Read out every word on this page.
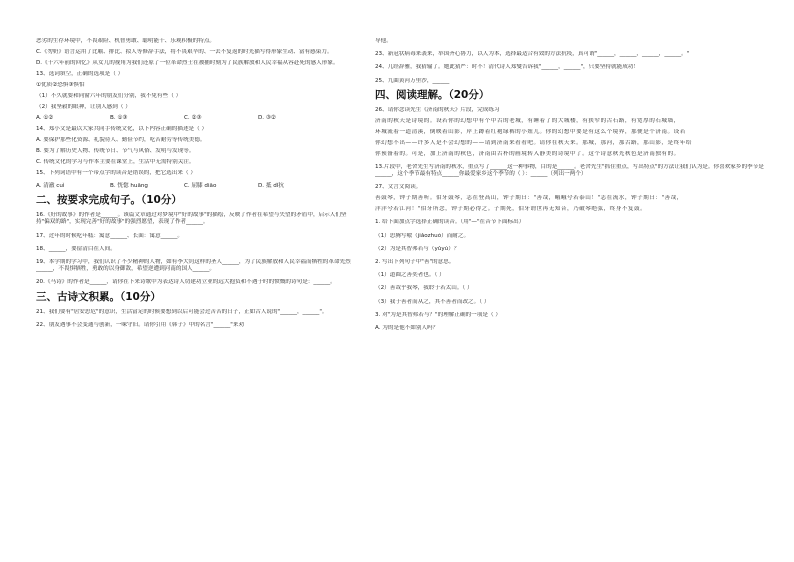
恶劣的生存环境中，不畏艰险、机智勇敢、聪明能干、乐观积极的特点。
C.《勿奶》语言运用了比喻、排比、拟人等修辞手法，将不畏艰辛的、一去不复返的时光描写得形象生动、富有感染力。
D.《十六年前的回忆》从女儿的视角为我们还原了一位革命烈士在被捕时刻为了民族解放和人民幸福从容赴死的感人形象。
13、选词填空，正确的选项是（ ）
①优质②恐惧③惧怕
（1）不久就要和同窗六年的朋友们分别，我不免有些（ ）
（2）我坚毅的眼神，让别人感到（ ）
A. ①②	B. ①③	C. ②③	D. ③②
14、郑小文是最以大家共同手传统文化，以下内容正确的描述是（ ）
A. 要保护那些化资源、礼貌待人、勤俭节约，吃苦耐劳等传统美德。
B. 要为了解历史人物、传统节日、节气与风俗、发明与发现等。
C. 传统文化的学习与作本主要在课堂上，生活中无需特别关注。
15、下列词语中有一个带点字的读音是错误的，把它选出来（ ）
A. 清澈 cuì	B. 恍惚 huāng	C. 屈膝 diāo	D. 抵 dǐ抗
二、按要求完成句子。（10分）
16.《好的故事》的作者是______。该篇文章通过对梦境中"好的故事"的描绘，反映了作者在希望与失望的矛盾中，启示人们坚持"偏双的路"，实现完善"好的故事"的强烈愿望，表现了作者______。
17、过年的时候吃年糕：寓意______、长面：寓意______。
18、______，要留清白在人间。
19、本学期的学习中，我们认识了不少精神的人物，如有李大钊这样的圣人______，为了民族解放和人民幸福而牺牲的革命先烈______，不畏惧牺牲，勇敢的以身御敌，希望逆遭到河南的国人______。
20.《马诗》的作者是______，请你在下来诗歌中为表达诗人切建功立业的远大抱负和不遇于时的愤慨的诗句是：______。
三、古诗文积累。（10分）
21、我们要有"居安思危"的意识，生活富足的时候要想到以后可能会过苦苦的日子，正如古人说的"______，______"。
22、朋友遇事不会变通与创新，一味守旧。请你引用《韩子》中的名言"______"来劝
导他。
23、新冠状病毒来袭来，举国齐心协力，以人为本，选择最适合有效的方法抗疫，真可谓"______，______，______，______。"
24、几经辞雅，我猜输了。她此猜严：时不！清代诗人郑燮告诉我"______，______"，只要坚持就能成功！
25、九曲黄河万里沙，______
四、阅读理解。（20分）
26、请你念读先生《济南的秋天》片段，完成练习
济南的秋天是诗境的。设若你的幻想中有个中古的老城，有睡着了的大城楼，有狭窄的古石路，有宽厚的石城墙，
环城流着一道清溪，倒映着山影，岸上蹲着红袍绿裤的小妞儿。你的幻想中要是有这么个境界，那便是个济南。设若
你幻想不出——许多人是不会幻想的——请到济南来看看吧。请你在秋天来。那城，那河，那古路，那山影，是终年给
你预备着的。可是，加上济南的秋色，济南由古朴的画境转入静美的诗境中了。这个诗意秋光秋色是济南独有的。
13.片段中，老舍先生写济南的秋水，重点写了______这一种事物，目的是______。老舍先生"抓住重点，写出特点"的方法让我们认为是。你喜欢家乡的季节是______，这个季节最有特点______你最爱家乡这个季节的（ ）：______（列出一两个）
27、文言文阅读。
善鼓琴，钟子期善听。伯牙鼓琴，志在登高山，钟子期曰："善哉，峨峨兮若泰山！"志在流水，钟子期曰："善哉，
洋洋兮若江河！"伯牙所念，钟子期必得之。子期死，伯牙谓世再无知音，乃破琴绝弦，终身不复鼓。
1. 给下面加点字选择正确的读音。（用"—"在音节下面标出）
（1）思腾写嗷（jiǎozhuó）而耐之。
（2）为是其智弗若与（yǔyú）？
2. 写出下列句子中"善"的意思。
（1）道圆之善奕者也。（ ）
（2）善哉乎我琴，我聆于若太山。（ ）
（3）我于善者而从之，其不善者而改之。（ ）
3. 对"为是其智弗若与？"的理解正确的一项是（ ）
A. 为的是他不如别人吗？
